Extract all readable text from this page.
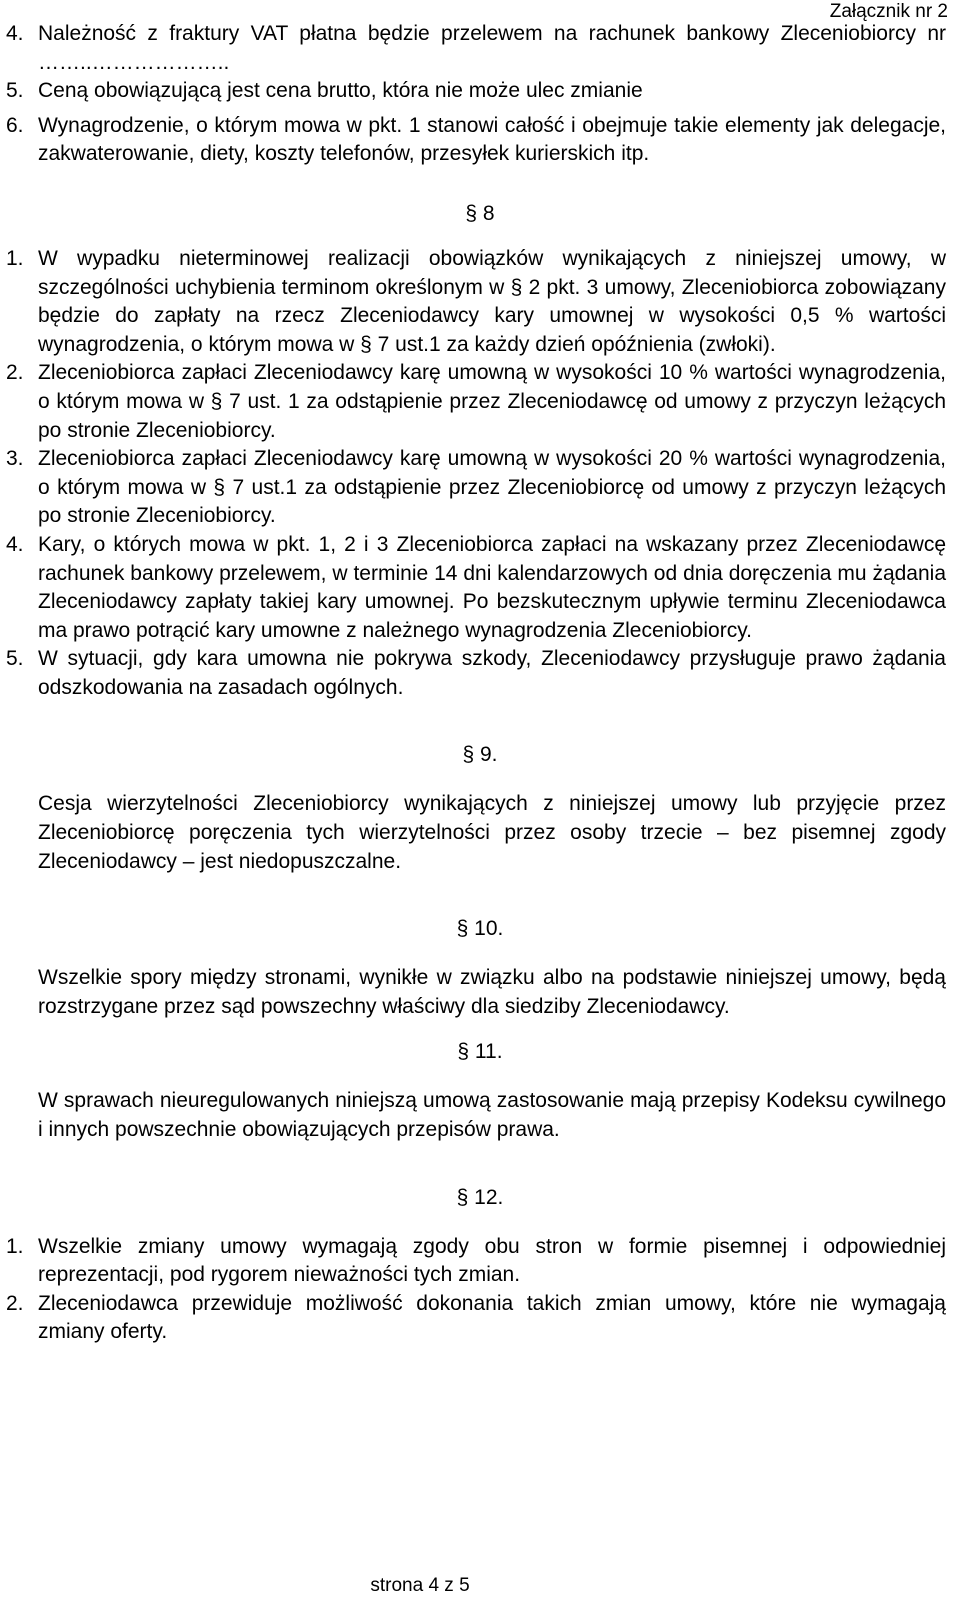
Załącznik nr 2
4. Należność z fraktury VAT płatna będzie przelewem na rachunek bankowy Zleceniobiorcy nr ……..………………..
5. Ceną obowiązującą jest cena brutto, która nie może ulec zmianie
6. Wynagrodzenie, o którym mowa w pkt. 1 stanowi całość i obejmuje takie elementy jak delegacje, zakwaterowanie, diety, koszty telefonów, przesyłek kurierskich itp.
§ 8
1. W wypadku nieterminowej realizacji obowiązków wynikających z niniejszej umowy, w szczególności uchybienia terminom określonym w § 2 pkt. 3 umowy, Zleceniobiorca zobowiązany będzie do zapłaty na rzecz Zleceniodawcy kary umownej w wysokości 0,5 % wartości wynagrodzenia, o którym mowa w § 7 ust.1 za każdy dzień opóźnienia (zwłoki).
2. Zleceniobiorca zapłaci Zleceniodawcy karę umowną w wysokości 10 % wartości wynagrodzenia, o którym mowa w § 7 ust. 1 za odstąpienie przez Zleceniodawcę od umowy z przyczyn leżących po stronie Zleceniobiorcy.
3. Zleceniobiorca zapłaci Zleceniodawcy karę umowną w wysokości 20 % wartości wynagrodzenia, o którym mowa w § 7 ust.1 za odstąpienie przez Zleceniobiorcę od umowy z przyczyn leżących po stronie Zleceniobiorcy.
4. Kary, o których mowa w pkt. 1, 2 i 3 Zleceniobiorca zapłaci na wskazany przez Zleceniodawcę rachunek bankowy przelewem, w terminie 14 dni kalendarzowych od dnia doręczenia mu żądania Zleceniodawcy zapłaty takiej kary umownej. Po bezskutecznym upływie terminu Zleceniodawca ma prawo potrącić kary umowne z należnego wynagrodzenia Zleceniobiorcy.
5. W sytuacji, gdy kara umowna nie pokrywa szkody, Zleceniodawcy przysługuje prawo żądania odszkodowania na zasadach ogólnych.
§ 9.
Cesja wierzytelności Zleceniobiorcy wynikających z niniejszej umowy lub przyjęcie przez Zleceniobiorcę poręczenia tych wierzytelności przez osoby trzecie – bez pisemnej zgody Zleceniodawcy – jest niedopuszczalne.
§ 10.
Wszelkie spory między stronami, wynikłe w związku albo na podstawie niniejszej umowy, będą rozstrzygane przez sąd powszechny właściwy dla siedziby Zleceniodawcy.
§ 11.
W sprawach nieuregulowanych niniejszą umową zastosowanie mają przepisy Kodeksu cywilnego i innych powszechnie obowiązujących przepisów prawa.
§ 12.
1. Wszelkie zmiany umowy wymagają zgody obu stron w formie pisemnej i odpowiedniej reprezentacji, pod rygorem nieważności tych zmian.
2. Zleceniodawca przewiduje możliwość dokonania takich zmian umowy, które nie wymagają zmiany oferty.
strona 4 z 5
